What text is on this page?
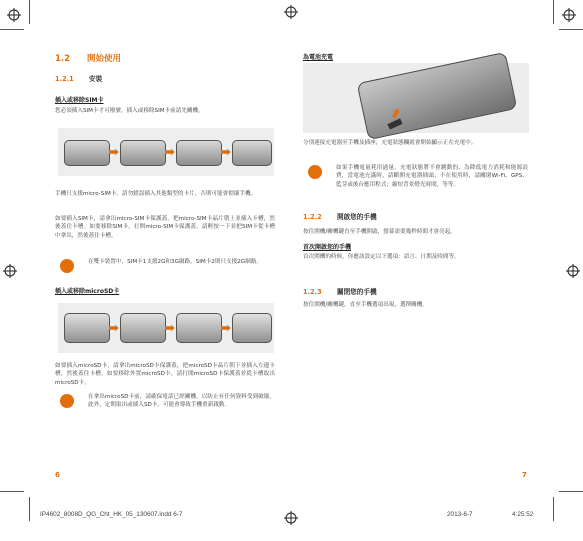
1.2 開始使用
1.2.1 安裝
插入或移除SIM卡
您必須插入SIM卡才可撥號。插入或移除SIM卡前請先關機。
手機只支援micro-SIM卡。請勿錯誤插入其他類型的卡片，否則可能會損壞手機。
如要插入SIM卡，請拿出micro-SIM卡保護蓋，把micro-SIM卡晶片朝上並插入卡槽，然後蓋住卡槽。如要移除SIM卡，打開micro-SIM卡保護蓋，請輕按一下並把SIM卡從卡槽中拿出，然後蓋住卡槽。
在雙卡裝置中，SIM卡1支援2G和3G網路，SIM卡2則只支援2G網路。
插入或移除microSD卡
如要插入microSD卡，請拿出microSD卡保護蓋，把microSD卡晶片朝下並插入左邊卡槽，然後蓋住卡槽。如要移除外置microSD卡，請打開microSD卡保護蓋並從卡槽取出microSD卡。
在拿出microSD卡前，請確保電話已經關機，以防止有任何資料受到破壞。此外，定期取出或插入SD卡，可能會導致手機重新啟動。
6
為電池充電
分別連接充電器至手機及插座，充電狀態欄就會開始顯示正在充電中。
如果手機電量耗用過量，充電狀態將不會跳動的，為降低電力消耗和能源浪費，當電池充滿時，請斷開充電器插頭；不在使用時，請關閉Wi-Fi、GPS、藍芽或後台應用程式；縮短背景燈光時間，等等。
1.2.2 開啟您的手機
按住開機/關機鍵直至手機開啟，螢幕需要幾秒時間才會亮起。
首次開啟您的手機
首次開機的時候，你應該設定以下選項：語言、日期及時間等。
1.2.3 關閉您的手機
按住開機/關機鍵，直至手機選項出現，選擇關機。
7
IP4602_8008D_QG_Cht_HK_05_130607.indd 6-7	2013-6-7	4:25:52
